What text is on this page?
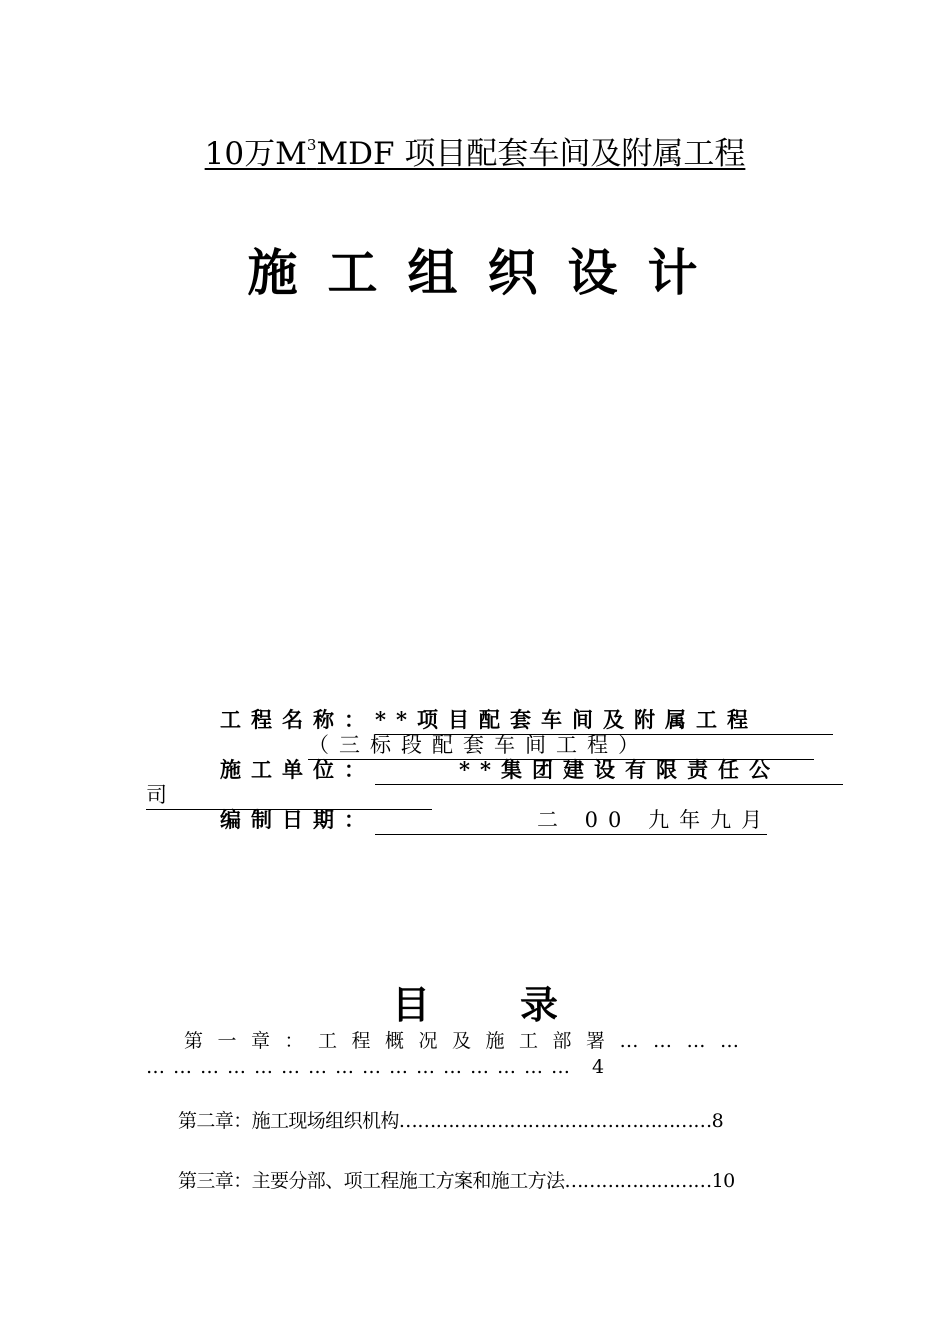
10万$M^3MDF$ 项目配套车间及附属工程
施工组织设计
工程名称：**项目配套车间及附属工程
（三标段配套车间工程）
施工单位：	**集团建设有限责任公
司
编制日期：	二 00 九年九月
目录
第一章：工程概况及施工部署…………
………………………………………… 4
第二章：施工现场组织机构……………………………………………8
第三章：主要分部、项工程施工方案和施工方法……………………10
